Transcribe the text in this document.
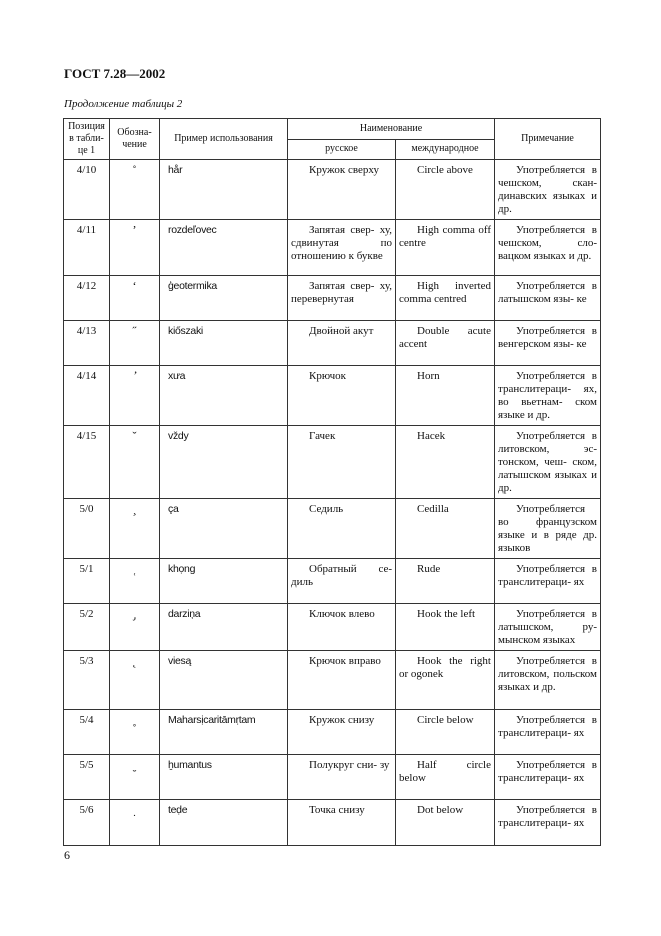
ГОСТ 7.28—2002
Продолжение таблицы 2
Позиция в табли- це 1	Обозна- чение	Пример использования	Наименование		Примечание
			русское	международное	
4/10	˚	hår	Кружок сверху	Circle above	Употребляется в чешском, скан- динавских языках и др.
4/11	ʼ	rozdeľovec	Запятая свер- ху, сдвинутая по отношению к букве	High comma off centre	Употребляется в чешском, сло- вацком языках и др.
4/12	ʻ	ģeotermika	Запятая свер- ху, перевернутая	High inverted comma centred	Употребляется в латышском язы- ке
4/13	˝	kiőszaki	Двойной акут	Double acute accent	Употребляется в венгерском язы- ке
4/14		xưa	Крючок	Horn	Употребляется в транслитераци- ях, во вьетнам- ском языке и др.
4/15	ˇ	vždy	Гачек	Hacek	Употребляется в литовском, эс- тонском, чеш- ском, латышском языках и др.
5/0	¸	ça	Седиль	Cedilla	Употребляется во французском языке и в ряде др. языков
5/1		khọng	Обратный се- диль	Rude	Употребляется в транслитераци- ях
5/2		darziņa	Ключок влево	Hook the left	Употребляется в латышском, ру- мынском языках
5/3	˛	viesą	Крючок вправо	Hook the right or ogonek	Употребляется в литовском, польском языках и др.
5/4	˳	Maharsịcaritāmṛtam	Кружок снизу	Circle below	Употребляется в транслитераци- ях
5/5		ḫumantus	Полукруг сни- зу	Half circle below	Употребляется в транслитераци- ях
5/6		teḍe	Точка снизу	Dot below	Употребляется в транслитераци- ях
6
